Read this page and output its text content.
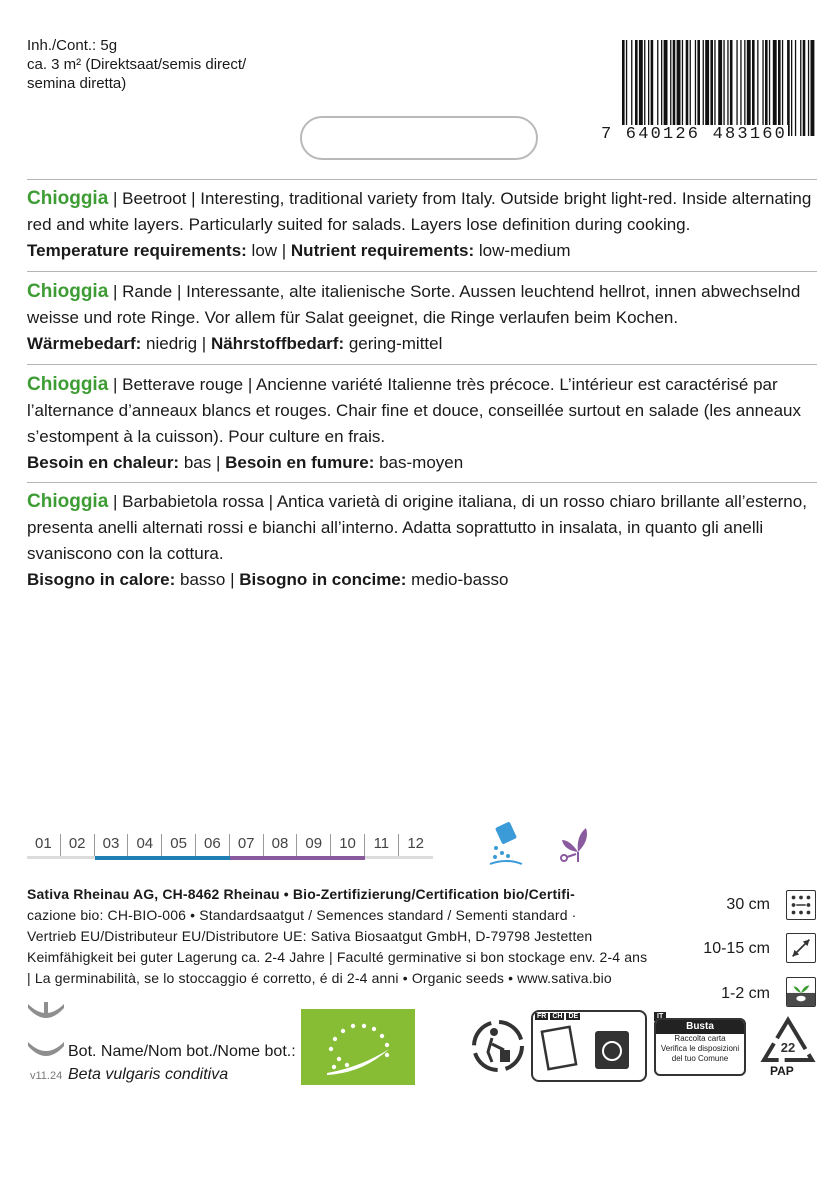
Inh./Cont.: 5g
ca. 3 m² (Direktsaat/semis direct/
semina diretta)
7 640126 483160

Chioggia | Beetroot | Interesting, traditional variety from Italy. Outside bright light-red. Inside alternating

red and white layers. Particularly suited for salads. Layers lose definition during cooking.

Temperature requirements: low | Nutrient requirements: low-medium

Chioggia | Rande | Interessante, alte italienische Sorte. Aussen leuchtend hellrot, innen abwechselnd

weisse und rote Ringe. Vor allem für Salat geeignet, die Ringe verlaufen beim Kochen.

Wärmebedarf: niedrig | Nährstoffbedarf: gering-mittel

Chioggia | Betterave rouge | Ancienne variété Italienne très précoce. L’intérieur est caractérisé par

l’alternance d’anneaux blancs et rouges. Chair fine et douce, conseillée surtout en salade (les anneaux

s’estompent à la cuisson). Pour culture en frais.

Besoin en chaleur: bas | Besoin en fumure: bas-moyen

Chioggia | Barbabietola rossa | Antica varietà di origine italiana, di un rosso chiaro brillante all’esterno,

presenta anelli alternati rossi e bianchi all’interno. Adatta soprattutto in insalata, in quanto gli anelli

svaniscono con la cottura.

Bisogno in calore: basso | Bisogno in concime: medio-basso

01	02	03	04	05	06	07	08	09	10	11	12

Sativa Rheinau AG, CH-8462 Rheinau • Bio-Zertifizierung/Certification bio/Certifi-

cazione bio: CH-BIO-006 • Standardsaatgut / Semences standard / Sementi standard ·

Vertrieb EU/Distributeur EU/Distributore UE: Sativa Biosaatgut GmbH, D-79798 Jestetten

Keimfähigkeit bei guter Lagerung ca. 2-4 Jahre | Faculté germinative si bon stockage env. 2-4 ans

| La germinabilità, se lo stoccaggio é corretto, é di 2-4 anni • Organic seeds • www.sativa.bio

30 cm
10-15 cm
1-2 cm
Bot. Name/Nom bot./Nome bot.:
Beta vulgaris conditiva
v11.24
FR CH DE	IT
Busta
Raccolta carta
Verifica le disposizioni
del tuo Comune
22
PAP
